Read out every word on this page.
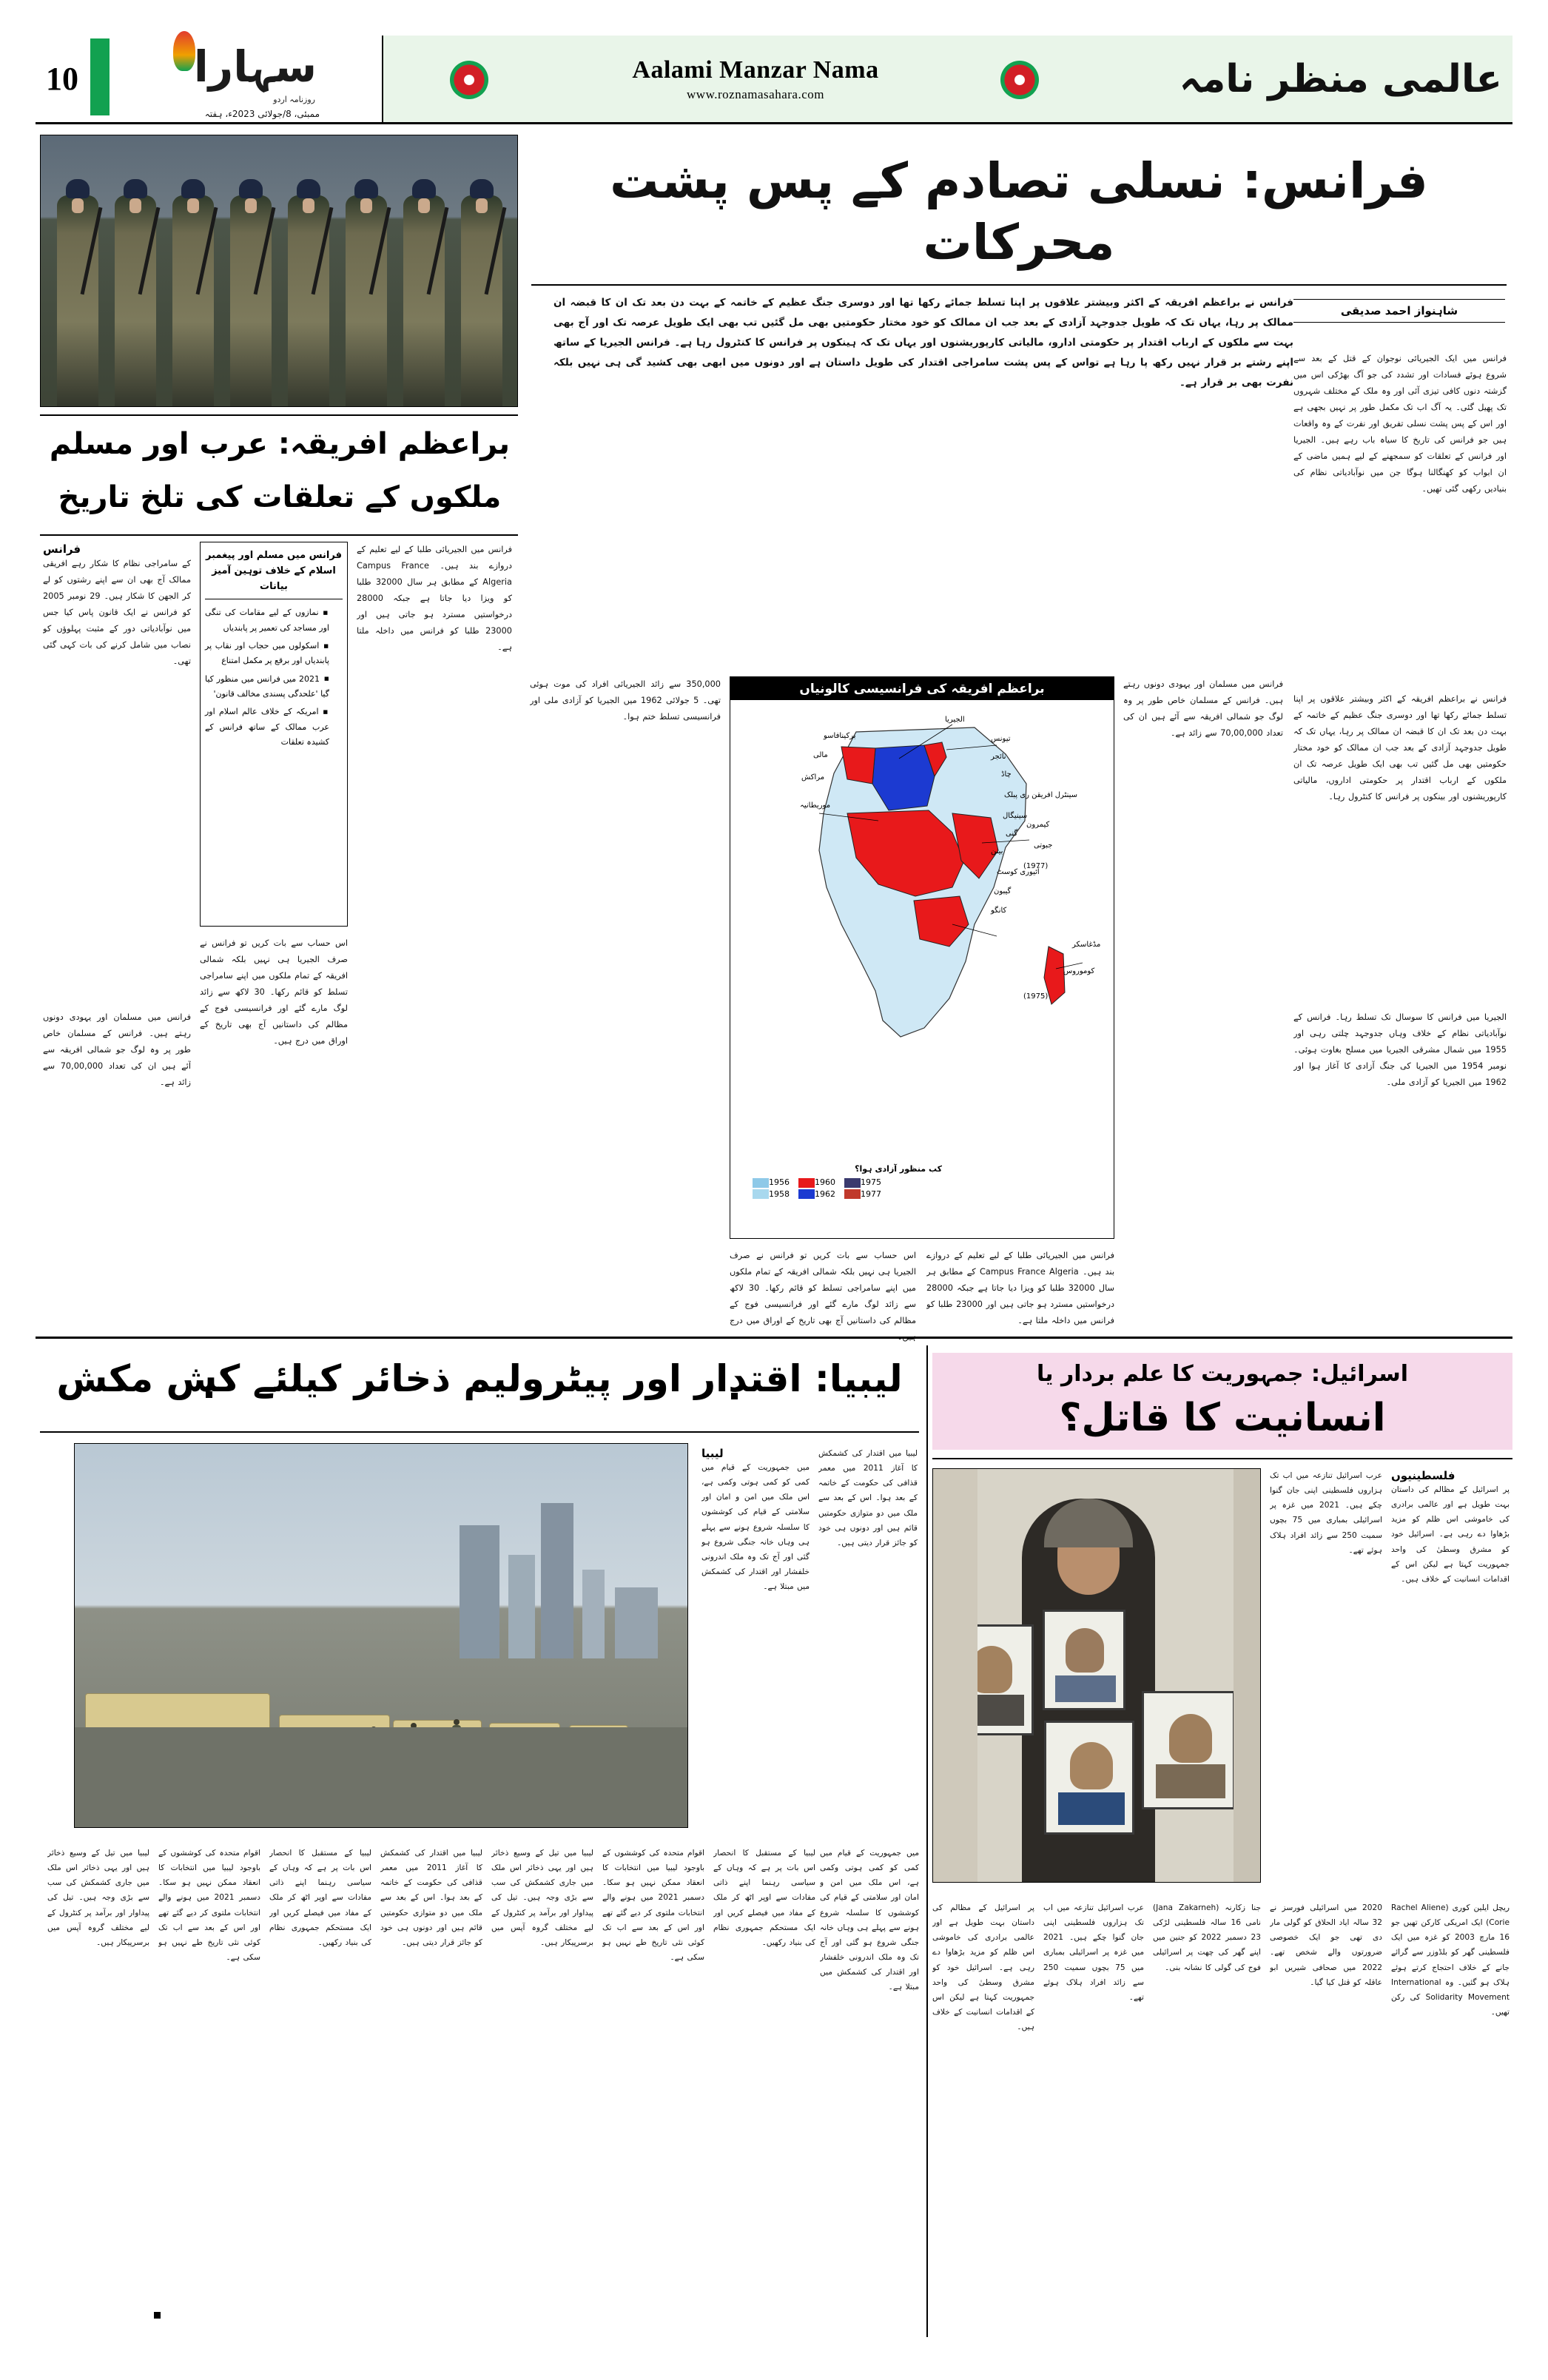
10	سہارا
روزنامہ اردو
ممبئی، 8/جولائی 2023ء، ہفتہ
Aalami Manzar Nama
www.roznamasahara.com	عالمی منظر نامہ
فرانس: نسلی تصادم کے پس پشت محرکات
فرانس نے براعظم افریقہ کے اکثر وبیشتر علاقوں پر اپنا تسلط جمائے رکھا تھا اور دوسری جنگ عظیم کے خاتمہ کے بہت دن بعد تک ان کا قبضہ ان ممالک پر رہا، یہاں تک کہ طویل جدوجہد آزادی کے بعد جب ان ممالک کو خود مختار حکومتیں بھی مل گئیں تب بھی ایک طویل عرصہ تک اور آج بھی بہت سے ملکوں کے ارباب اقتدار پر حکومتی ادارو، مالیاتی کارپوریشنوں اور یہاں تک کہ ہینکوں پر فرانس کا کنٹرول رہا ہے۔ فرانس الجیریا کے ساتھ اپنے رشتے بر قرار نہیں رکھ پا رہا ہے تواس کے پس پشت سامراجی اقتدار کی طویل داستان ہے اور دونوں میں ابھی بھی کشید گی ہی نہیں بلکہ نفرت بھی بر قرار ہے۔
شاہنواز احمد صدیقی
فرانس میں ایک الجیریائی نوجوان کے قتل کے بعد سے شروع ہوئے فسادات اور تشدد کی جو آگ بھڑکی اس میں گزشتہ دنوں کافی تیزی آئی اور وہ ملک کے مختلف شہروں تک پھیل گئی۔ یہ آگ اب تک مکمل طور پر نہیں بجھی ہے اور اس کے پس پشت نسلی تفریق اور نفرت کے وہ واقعات ہیں جو فرانس کی تاریخ کا سیاہ باب رہے ہیں۔ الجیریا اور فرانس کے تعلقات کو سمجھنے کے لیے ہمیں ماضی کے ان ابواب کو کھنگالنا ہوگا جن میں نوآبادیاتی نظام کی بنیادیں رکھی گئی تھیں۔
فرانس نے براعظم افریقہ کے اکثر وبیشتر علاقوں پر اپنا تسلط جمائے رکھا تھا اور دوسری جنگ عظیم کے خاتمہ کے بہت دن بعد تک ان کا قبضہ ان ممالک پر رہا، یہاں تک کہ طویل جدوجہد آزادی کے بعد جب ان ممالک کو خود مختار حکومتیں بھی مل گئیں تب بھی ایک طویل عرصہ تک ان ملکوں کے ارباب اقتدار پر حکومتی اداروں، مالیاتی کارپوریشنوں اور بینکوں پر فرانس کا کنٹرول رہا۔
الجیریا میں فرانس کا سوسال تک تسلط رہا۔ فرانس کے نوآبادیاتی نظام کے خلاف وہاں جدوجہد چلتی رہی اور 1955 میں شمال مشرقی الجیریا میں مسلح بغاوت ہوئی۔ نومبر 1954 میں الجیریا کی جنگ آزادی کا آغاز ہوا اور 1962 میں الجیریا کو آزادی ملی۔
براعظم افریقہ: عرب اور مسلم
ملکوں کے تعلقات کی تلخ تاریخ
فرانس
کے سامراجی نظام کا شکار رہے افریقی ممالک آج بھی ان سے اپنے رشتوں کو لے کر الجھن کا شکار ہیں۔ 29 نومبر 2005 کو فرانس نے ایک قانون پاس کیا جس میں نوآبادیاتی دور کے مثبت پہلوؤں کو نصاب میں شامل کرنے کی بات کہی گئی تھی۔
فرانس میں مسلم اور پیغمبر اسلام کے خلاف توہین آمیز بیانات
■ نمازوں کے لیے مقامات کی تنگی اور مساجد کی تعمیر پر پابندیاں
■ اسکولوں میں حجاب اور نقاب پر پابندیاں اور برقع پر مکمل امتناع
■ 2021 میں فرانس میں منظور کیا گیا 'علحدگی پسندی مخالف قانون'
■ امریکہ کے خلاف عالم اسلام اور عرب ممالک کے ساتھ فرانس کے کشیدہ تعلقات
اس حساب سے بات کریں تو فرانس نے صرف الجیریا ہی نہیں بلکہ شمالی افریقہ کے تمام ملکوں میں اپنے سامراجی تسلط کو قائم رکھا۔ 30 لاکھ سے زائد لوگ مارے گئے اور فرانسیسی فوج کے مظالم کی داستانیں آج بھی تاریخ کے اوراق میں درج ہیں۔
فرانس میں الجیریائی طلبا کے لیے تعلیم کے دروازے بند ہیں۔ Campus France Algeria کے مطابق ہر سال 32000 طلبا کو ویزا دیا جاتا ہے جبکہ 28000 درخواستیں مسترد ہو جاتی ہیں اور 23000 طلبا کو فرانس میں داخلہ ملتا ہے۔
فرانس میں مسلمان اور یہودی دونوں رہتے ہیں۔ فرانس کے مسلمان خاص طور پر وہ لوگ جو شمالی افریقہ سے آئے ہیں ان کی تعداد 70,00,000 سے زائد ہے۔
براعظم افریقہ کی فرانسیسی کالونیاں
الجیریا
تیونس
مراکش
مالی
برکینافاسو
نائجر
چاڈ
سینٹرل افریقن ری پبلک
سینیگال
گنی
موریطانیہ
آئیوری کوسٹ
بینن
گیبون
کانگو
کیمرون
جبوتی
مڈغاسکر
کوموروس
(1977)
(1975)
کب منظور آزادی ہوا؟
1956	1960	1975
1958	1962	1977
فرانس میں مسلمان اور یہودی دونوں رہتے ہیں۔ فرانس کے مسلمان خاص طور پر وہ لوگ جو شمالی افریقہ سے آئے ہیں ان کی تعداد 70,00,000 سے زائد ہے۔
350,000 سے زائد الجیریائی افراد کی موت ہوئی تھی۔ 5 جولائی 1962 میں الجیریا کو آزادی ملی اور فرانسیسی تسلط ختم ہوا۔
اس حساب سے بات کریں تو فرانس نے صرف الجیریا ہی نہیں بلکہ شمالی افریقہ کے تمام ملکوں میں اپنے سامراجی تسلط کو قائم رکھا۔ 30 لاکھ سے زائد لوگ مارے گئے اور فرانسیسی فوج کے مظالم کی داستانیں آج بھی تاریخ کے اوراق میں درج ہیں۔
فرانس میں الجیریائی طلبا کے لیے تعلیم کے دروازے بند ہیں۔ Campus France Algeria کے مطابق ہر سال 32000 طلبا کو ویزا دیا جاتا ہے جبکہ 28000 درخواستیں مسترد ہو جاتی ہیں اور 23000 طلبا کو فرانس میں داخلہ ملتا ہے۔
لیبیا: اقتدار اور پیٹرولیم ذخائر کیلئے کش مکش
لیبیا
میں جمہوریت کے قیام میں کمی کو کمی ہوتی وکمی ہے، اس ملک میں امن و امان اور سلامتی کے قیام کی کوششوں کا سلسلہ شروع ہونے سے پہلے ہی وہاں خانہ جنگی شروع ہو گئی اور آج تک وہ ملک اندرونی خلفشار اور اقتدار کی کشمکش میں مبتلا ہے۔
لیبیا میں اقتدار کی کشمکش کا آغاز 2011 میں معمر قذافی کی حکومت کے خاتمہ کے بعد ہوا۔ اس کے بعد سے ملک میں دو متوازی حکومتیں قائم ہیں اور دونوں ہی خود کو جائز قرار دیتی ہیں۔
لیبیا میں تیل کے وسیع ذخائر ہیں اور یہی ذخائر اس ملک میں جاری کشمکش کی سب سے بڑی وجہ ہیں۔ تیل کی پیداوار اور برآمد پر کنٹرول کے لیے مختلف گروہ آپس میں برسرپیکار ہیں۔
اقوام متحدہ کی کوششوں کے باوجود لیبیا میں انتخابات کا انعقاد ممکن نہیں ہو سکا۔ دسمبر 2021 میں ہونے والے انتخابات ملتوی کر دیے گئے تھے اور اس کے بعد سے اب تک کوئی نئی تاریخ طے نہیں ہو سکی ہے۔
لیبیا کے مستقبل کا انحصار اس بات پر ہے کہ وہاں کے سیاسی رہنما اپنے ذاتی مفادات سے اوپر اٹھ کر ملک کے مفاد میں فیصلے کریں اور ایک مستحکم جمہوری نظام کی بنیاد رکھیں۔
لیبیا میں اقتدار کی کشمکش کا آغاز 2011 میں معمر قذافی کی حکومت کے خاتمہ کے بعد ہوا۔ اس کے بعد سے ملک میں دو متوازی حکومتیں قائم ہیں اور دونوں ہی خود کو جائز قرار دیتی ہیں۔
لیبیا میں تیل کے وسیع ذخائر ہیں اور یہی ذخائر اس ملک میں جاری کشمکش کی سب سے بڑی وجہ ہیں۔ تیل کی پیداوار اور برآمد پر کنٹرول کے لیے مختلف گروہ آپس میں برسرپیکار ہیں۔
اقوام متحدہ کی کوششوں کے باوجود لیبیا میں انتخابات کا انعقاد ممکن نہیں ہو سکا۔ دسمبر 2021 میں ہونے والے انتخابات ملتوی کر دیے گئے تھے اور اس کے بعد سے اب تک کوئی نئی تاریخ طے نہیں ہو سکی ہے۔
لیبیا کے مستقبل کا انحصار اس بات پر ہے کہ وہاں کے سیاسی رہنما اپنے ذاتی مفادات سے اوپر اٹھ کر ملک کے مفاد میں فیصلے کریں اور ایک مستحکم جمہوری نظام کی بنیاد رکھیں۔
میں جمہوریت کے قیام میں کمی کو کمی ہوتی وکمی ہے، اس ملک میں امن و امان اور سلامتی کے قیام کی کوششوں کا سلسلہ شروع ہونے سے پہلے ہی وہاں خانہ جنگی شروع ہو گئی اور آج تک وہ ملک اندرونی خلفشار اور اقتدار کی کشمکش میں مبتلا ہے۔
اسرائیل: جمہوریت کا علم بردار یا
انسانیت کا قاتل؟
فلسطینیوں
پر اسرائیل کے مظالم کی داستان بہت طویل ہے اور عالمی برادری کی خاموشی اس ظلم کو مزید بڑھاوا دے رہی ہے۔ اسرائیل خود کو مشرق وسطیٰ کی واحد جمہوریت کہتا ہے لیکن اس کے اقدامات انسانیت کے خلاف ہیں۔
عرب اسرائیل تنازعہ میں اب تک ہزاروں فلسطینی اپنی جان گنوا چکے ہیں۔ 2021 میں غزہ پر اسرائیلی بمباری میں 75 بچوں سمیت 250 سے زائد افراد ہلاک ہوئے تھے۔
ریچل ایلین کوری (Rachel Aliene Corie) ایک امریکی کارکن تھیں جو 16 مارچ 2003 کو غزہ میں ایک فلسطینی گھر کو بلڈوزر سے گرائے جانے کے خلاف احتجاج کرتے ہوئے ہلاک ہو گئیں۔ وہ International Solidarity Movement کی رکن تھیں۔
2020 میں اسرائیلی فورسز نے 32 سالہ ایاد الحلاق کو گولی مار دی تھی جو ایک خصوصی ضرورتوں والے شخص تھے۔ 2022 میں صحافی شیریں ابو عاقلہ کو قتل کیا گیا۔
جنا زکارنہ (Jana Zakarneh) نامی 16 سالہ فلسطینی لڑکی 23 دسمبر 2022 کو جنین میں اپنے گھر کی چھت پر اسرائیلی فوج کی گولی کا نشانہ بنی۔
عرب اسرائیل تنازعہ میں اب تک ہزاروں فلسطینی اپنی جان گنوا چکے ہیں۔ 2021 میں غزہ پر اسرائیلی بمباری میں 75 بچوں سمیت 250 سے زائد افراد ہلاک ہوئے تھے۔
پر اسرائیل کے مظالم کی داستان بہت طویل ہے اور عالمی برادری کی خاموشی اس ظلم کو مزید بڑھاوا دے رہی ہے۔ اسرائیل خود کو مشرق وسطیٰ کی واحد جمہوریت کہتا ہے لیکن اس کے اقدامات انسانیت کے خلاف ہیں۔
